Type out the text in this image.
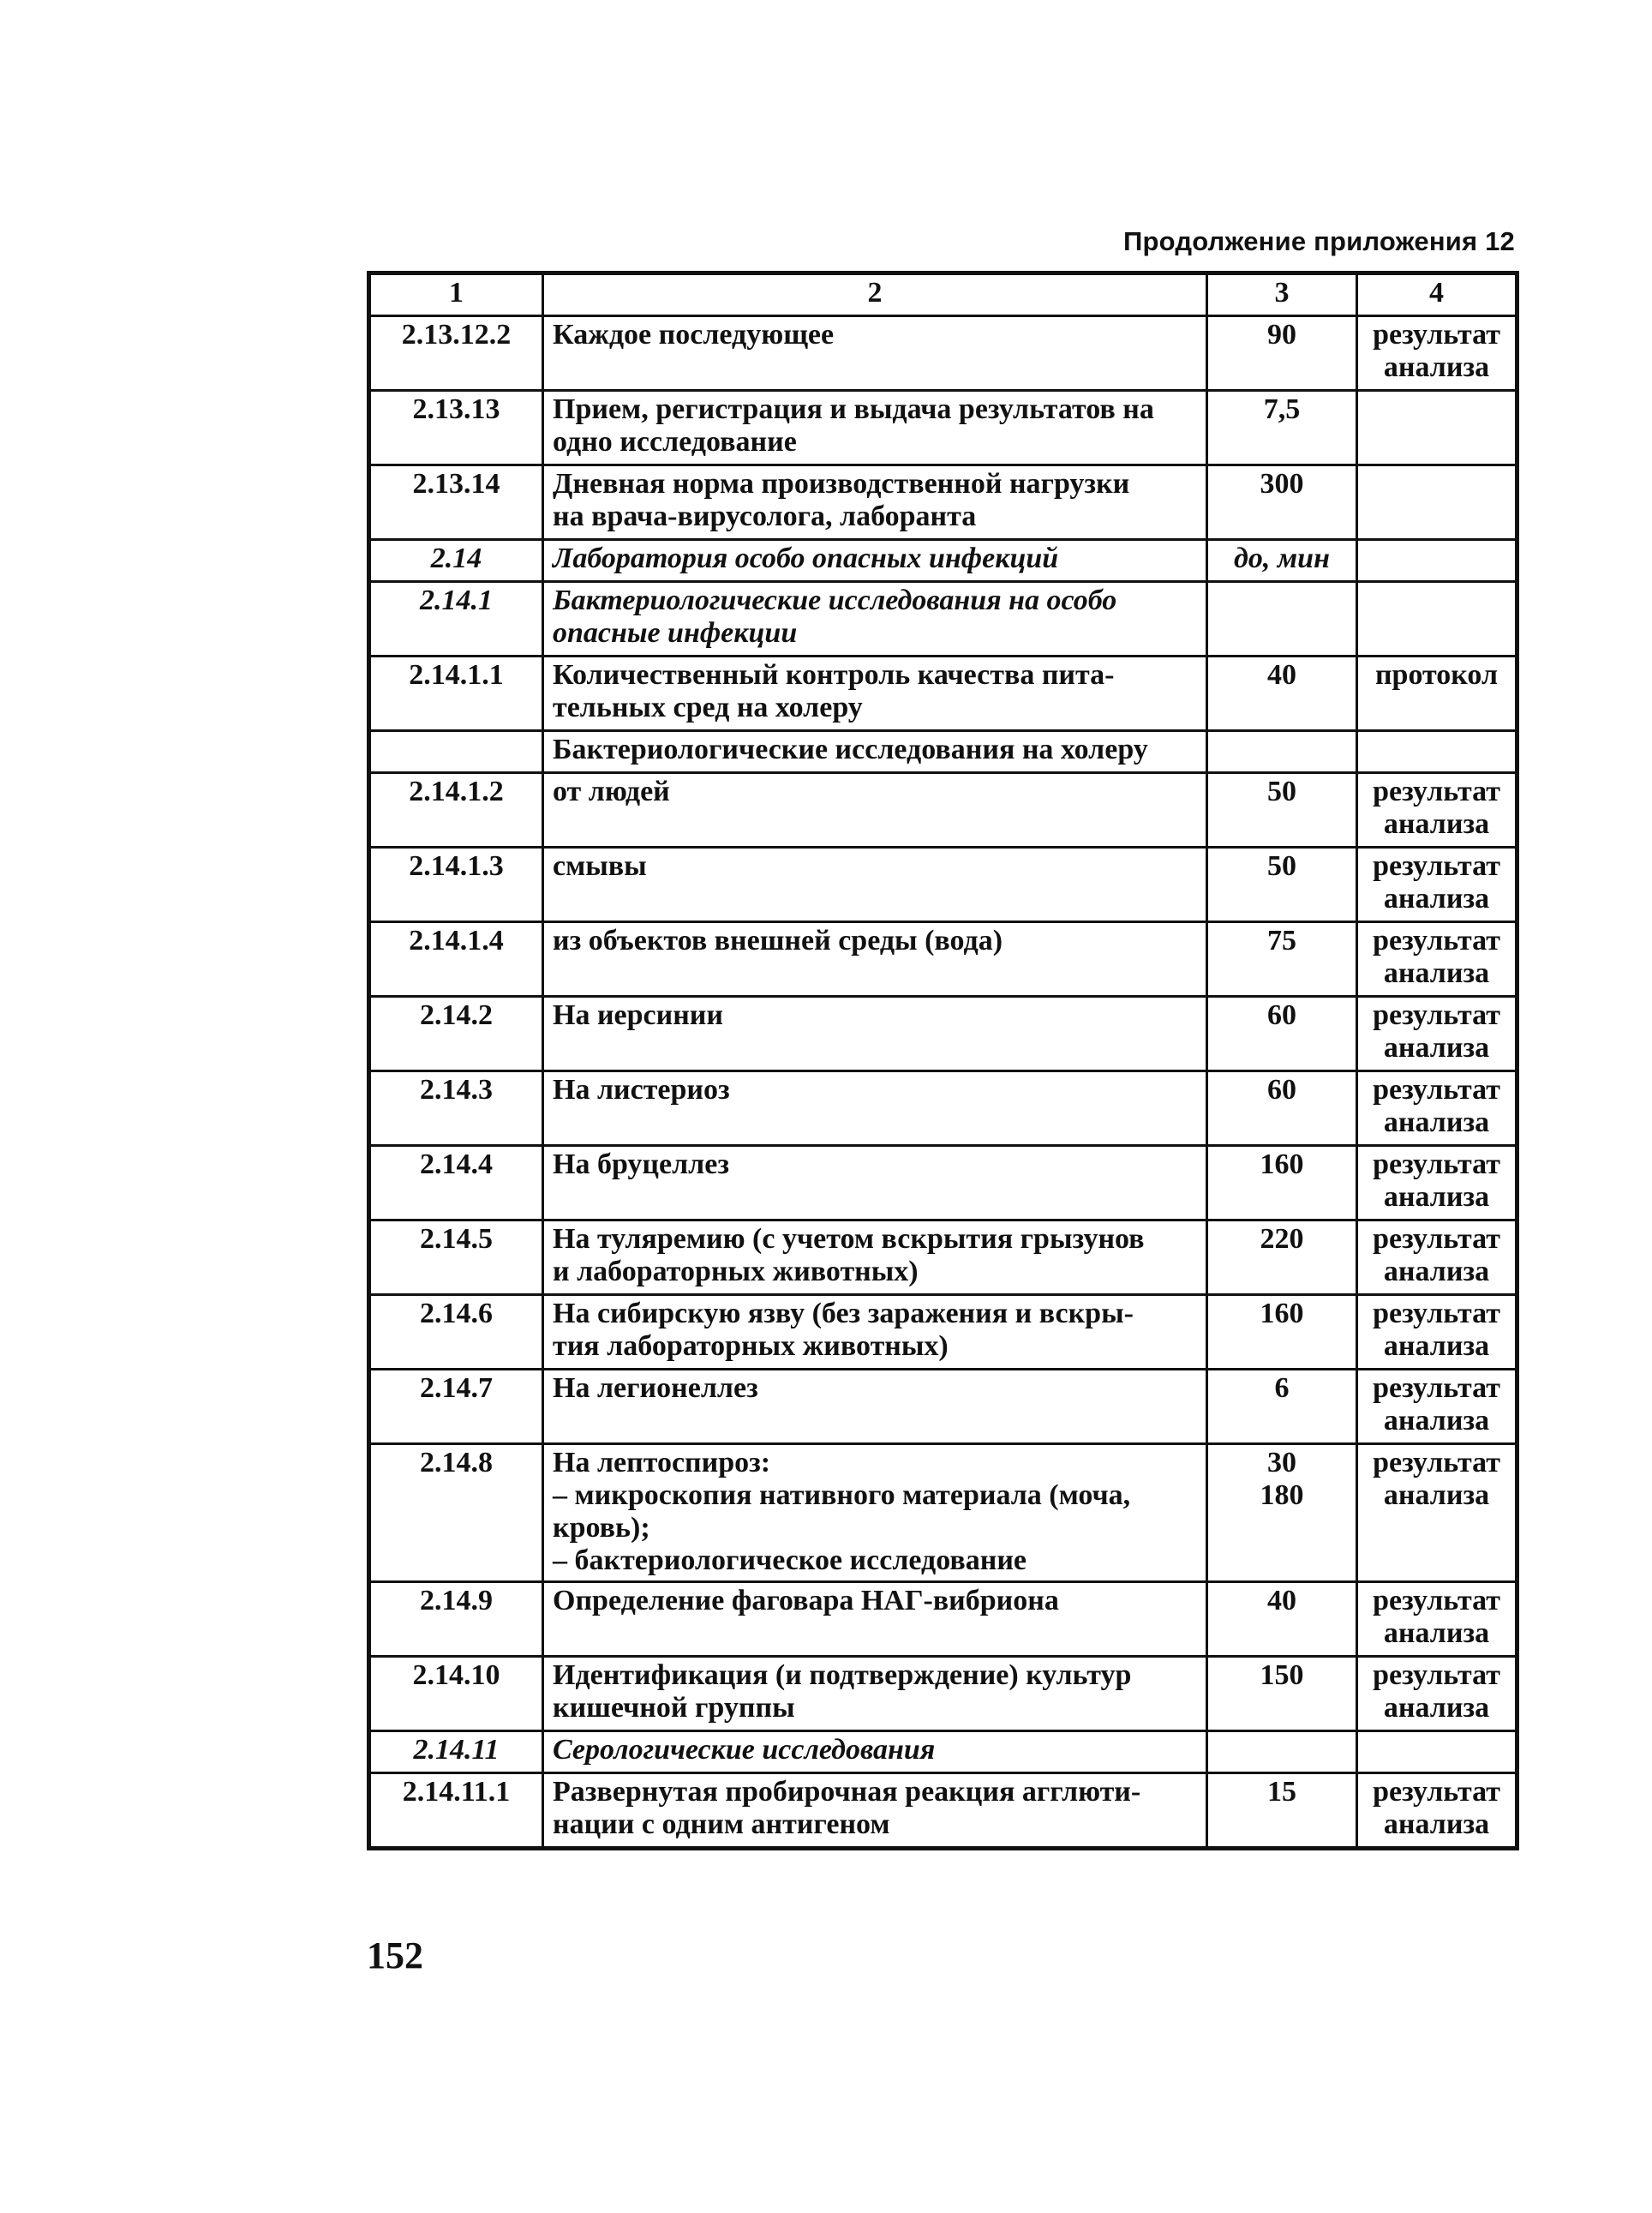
Продолжение приложения 12
1	2	3	4
2.13.12.2	Каждое последующее	90	результат
анализа

2.13.13	Прием, регистрация и выдача результатов на
одно исследование	7,5	

2.13.14	Дневная норма производственной нагрузки
на врача-вирусолога, лаборанта	300	

2.14	Лаборатория особо опасных инфекций	до, мин	

2.14.1	Бактериологические исследования на особо
опасные инфекции		

2.14.1.1	Количественный контроль качества пита-
тельных сред на холеру	40	протокол

	Бактериологические исследования на холеру		

2.14.1.2	от людей	50	результат
анализа

2.14.1.3	смывы	50	результат
анализа

2.14.1.4	из объектов внешней среды (вода)	75	результат
анализа

2.14.2	На иерсинии	60	результат
анализа

2.14.3	На листериоз	60	результат
анализа

2.14.4	На бруцеллез	160	результат
анализа

2.14.5	На туляремию (с учетом вскрытия грызунов
и лабораторных животных)	220	результат
анализа

2.14.6	На сибирскую язву (без заражения и вскры-
тия лабораторных животных)	160	результат
анализа

2.14.7	На легионеллез	6	результат
анализа

2.14.8	На лептоспироз:
– микроскопия нативного материала (моча,
кровь);
– бактериологическое исследование	30
180	результат
анализа

2.14.9	Определение фаговара НАГ-вибриона	40	результат
анализа

2.14.10	Идентификация (и подтверждение) культур
кишечной группы	150	результат
анализа

2.14.11	Серологические исследования		

2.14.11.1	Развернутая пробирочная реакция агглюти-
нации с одним антигеном	15	результат
анализа
152
